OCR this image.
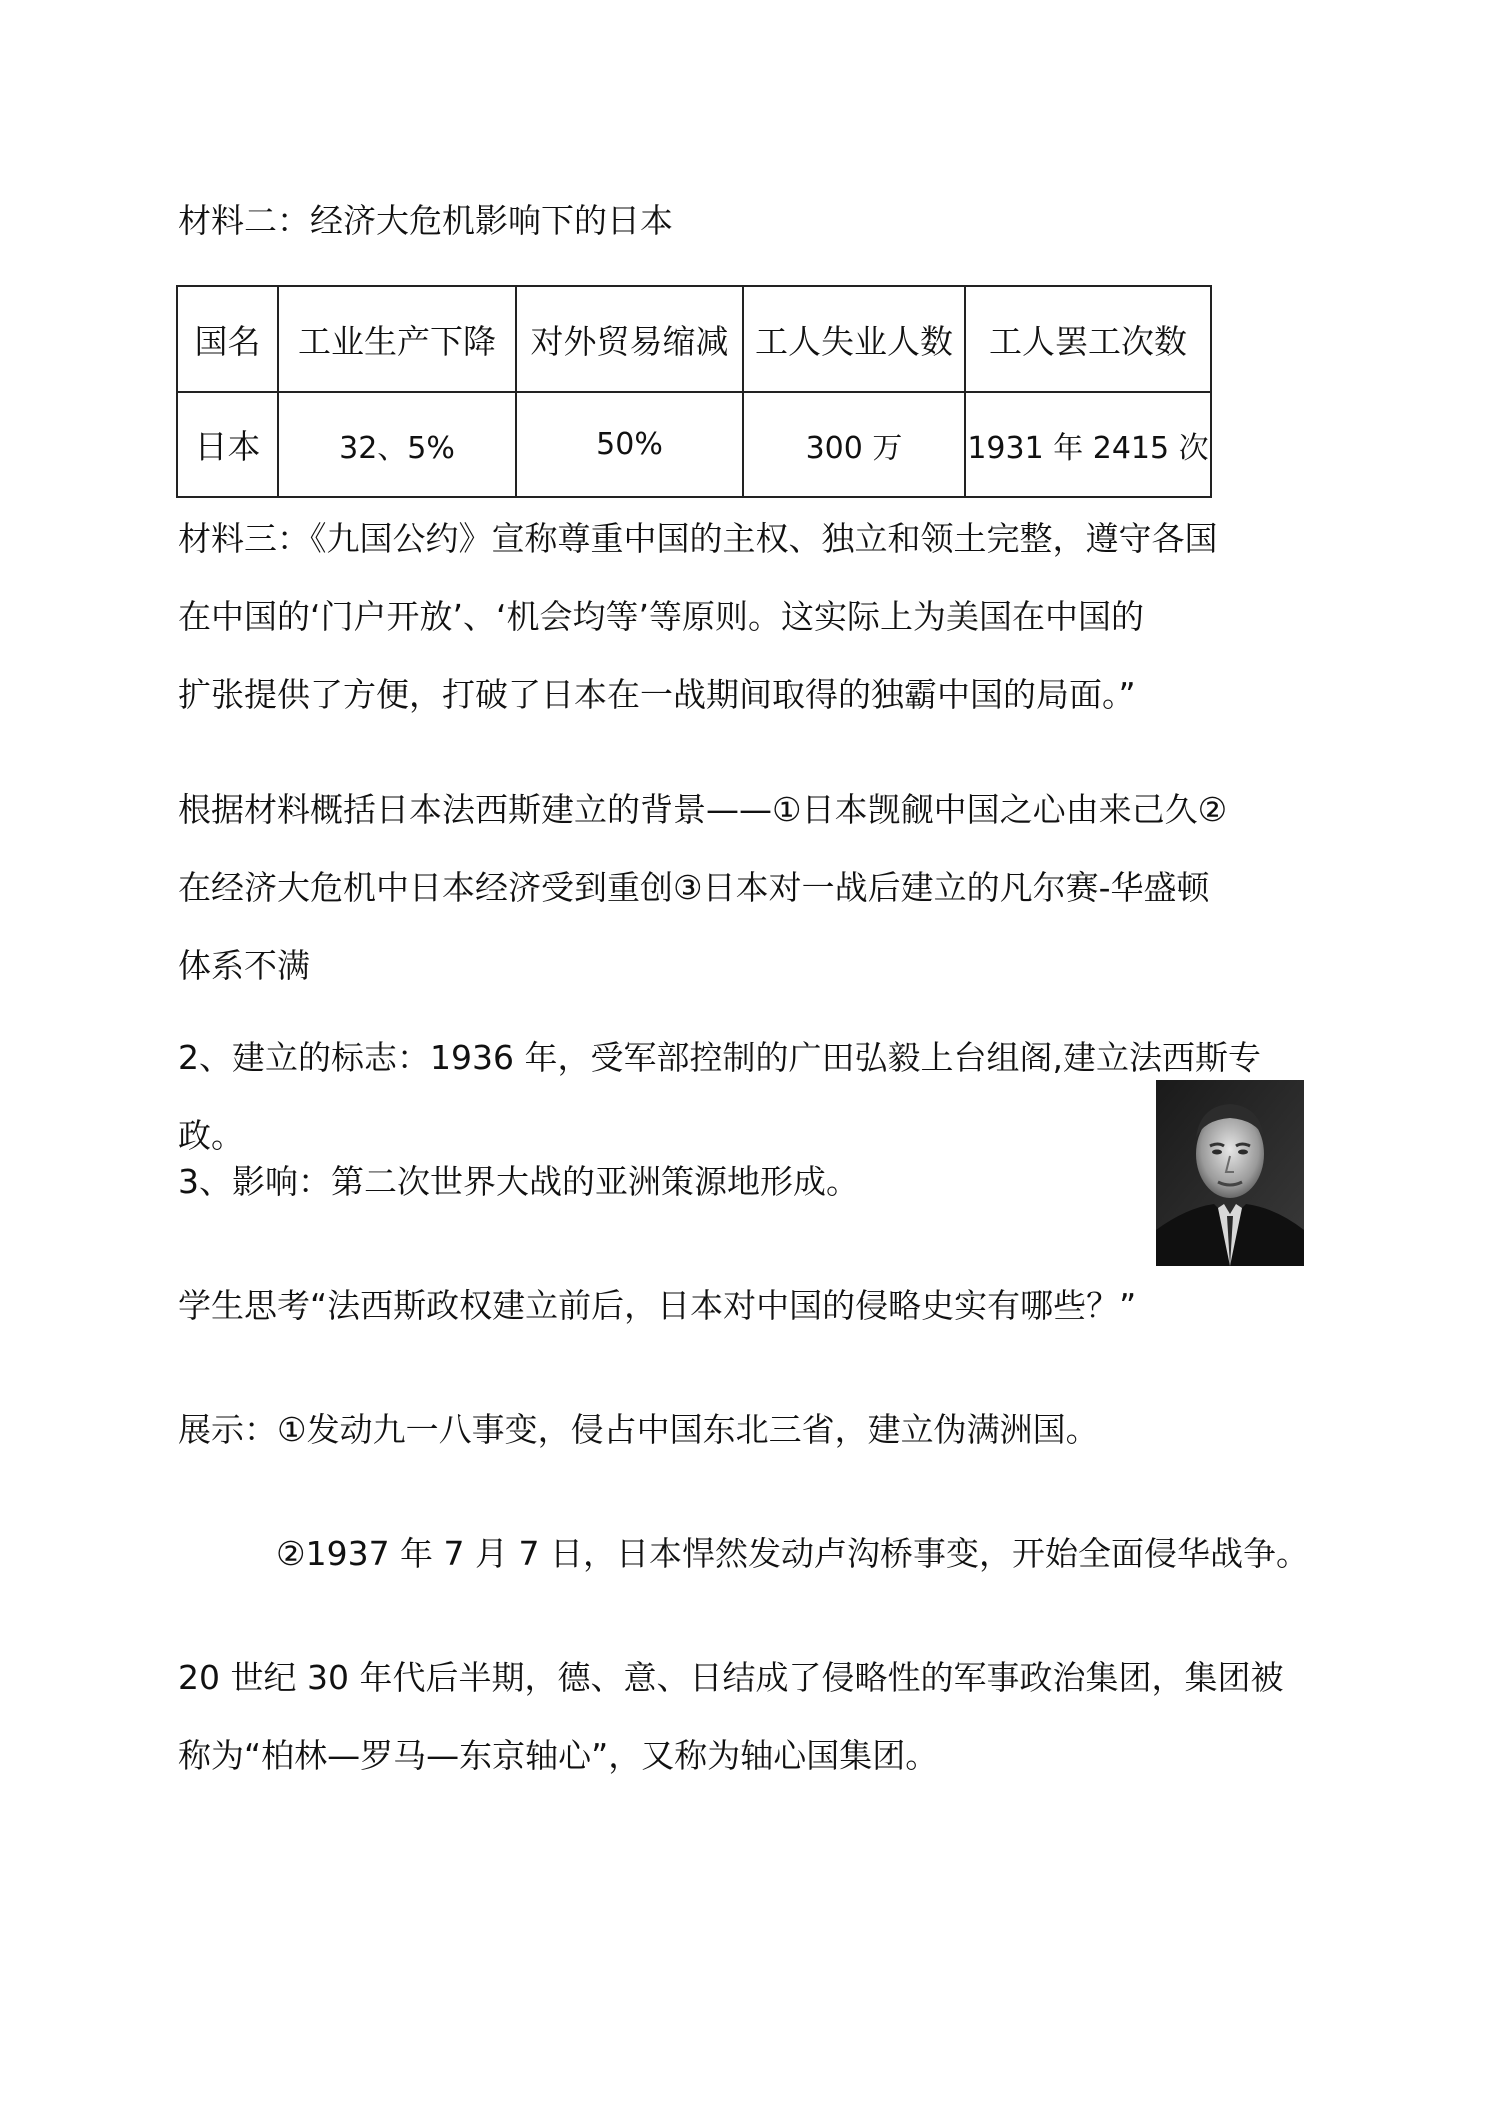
材料二：经济大危机影响下的日本

国名	工业生产下降	对外贸易缩减	工人失业人数	工人罢工次数
日本	32、5%	50%	300 万	1931 年 2415 次

材料三：《九国公约》宣称尊重中国的主权、独立和领土完整，遵守各国
在中国的‘门户开放’、‘机会均等’等原则。这实际上为美国在中国的
扩张提供了方便，打破了日本在一战期间取得的独霸中国的局面。”

根据材料概括日本法西斯建立的背景——①日本觊觎中国之心由来己久②
在经济大危机中日本经济受到重创③日本对一战后建立的凡尔赛-华盛顿
体系不满

2、建立的标志：1936 年，受军部控制的广田弘毅上台组阁,建立法西斯专
政。

3、影响：第二次世界大战的亚洲策源地形成。

学生思考“法西斯政权建立前后，日本对中国的侵略史实有哪些？”

展示：①发动九一八事变，侵占中国东北三省，建立伪满洲国。

②1937 年 7 月 7 日，日本悍然发动卢沟桥事变，开始全面侵华战争。

20 世纪 30 年代后半期，德、意、日结成了侵略性的军事政治集团，集团被
称为“柏林—罗马—东京轴心”，又称为轴心国集团。
